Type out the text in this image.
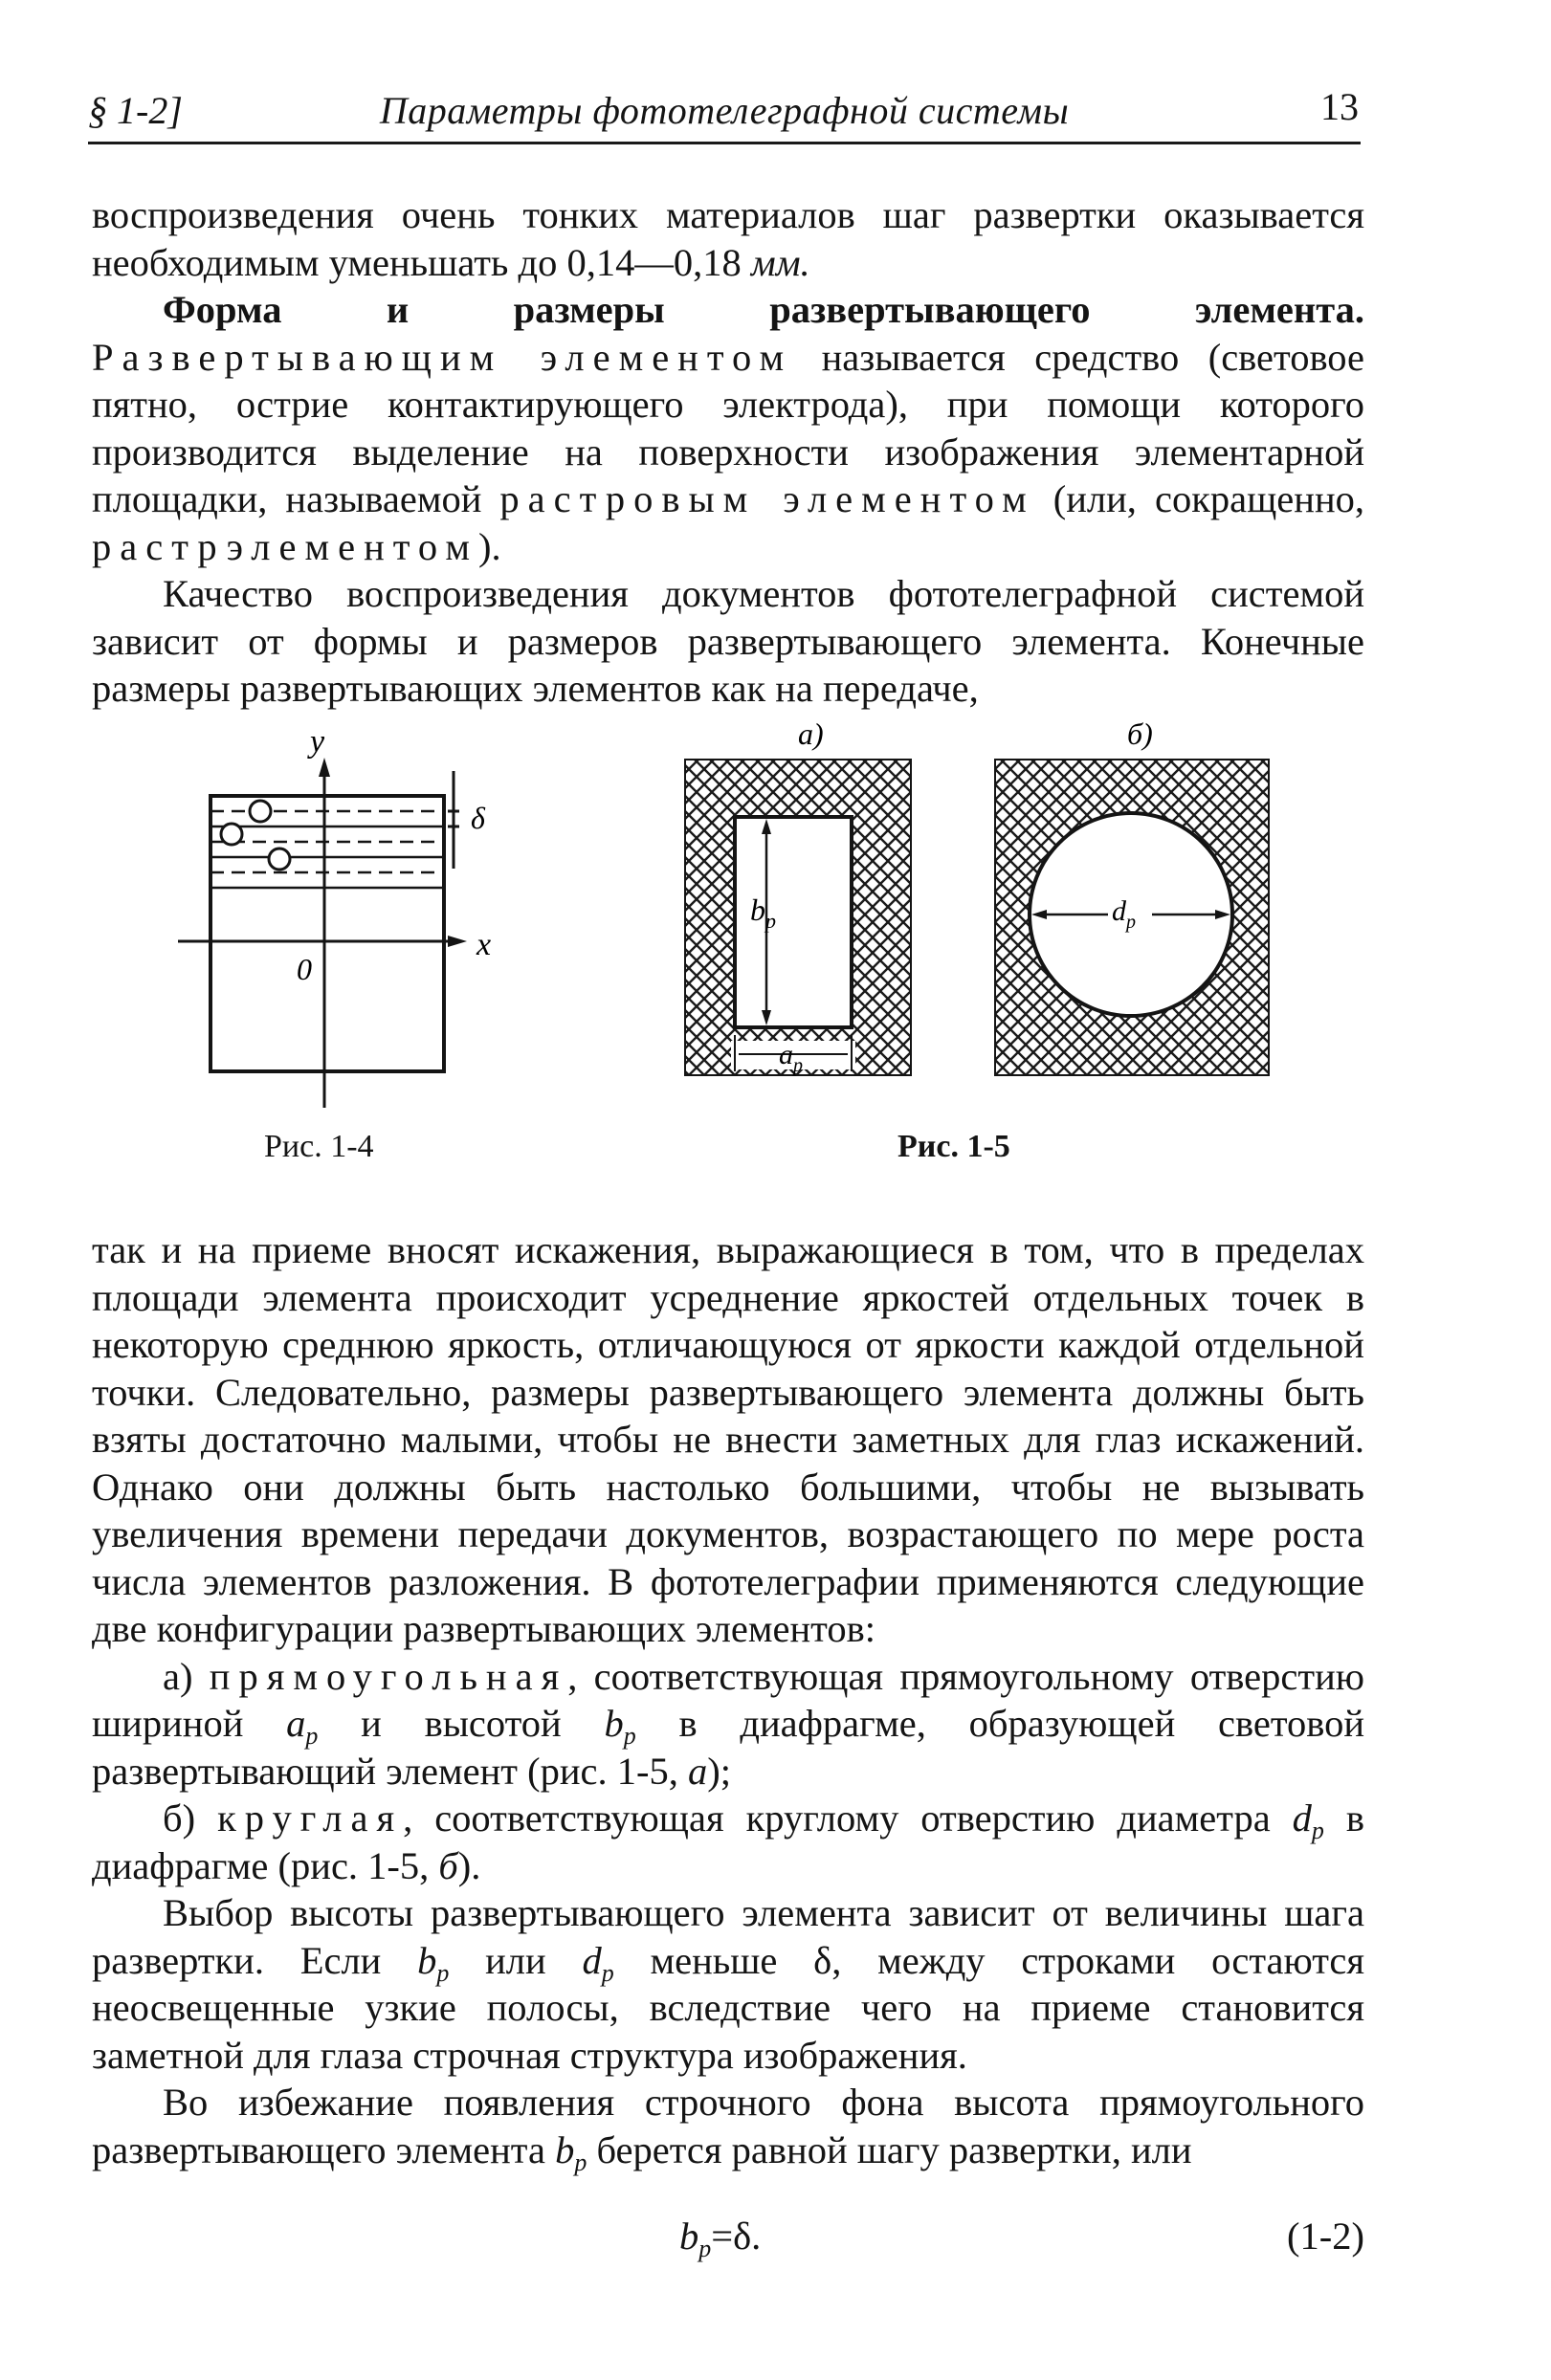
§ 1-2]	Параметры фототелеграфной системы	13

воспроизведения очень тонких материалов шаг развертки оказывается необходимым уменьшать до 0,14—0,18 мм.

Форма и размеры развертывающего элемента. Развертывающим элементом называется средство (световое пятно, острие контактирующего электрода), при помощи которого производится выделение на поверхности изображения элементарной площадки, называемой растровым элементом (или, сокращенно, растрэлементом).

Качество воспроизведения документов фототелеграфной системой зависит от формы и размеров развертывающего элемента. Конечные размеры развертывающих элементов как на передаче,

y
x
0
δ
а)
$b_p$
$a_p$
б)
$d_p$
Рис. 1-4	Рис. 1-5

так и на приеме вносят искажения, выражающиеся в том, что в пределах площади элемента происходит усреднение яркостей отдельных точек в некоторую среднюю яркость, отличающуюся от яркости каждой отдельной точки. Следовательно, размеры развертывающего элемента должны быть взяты достаточно малыми, чтобы не внести заметных для глаз искажений. Однако они должны быть настолько большими, чтобы не вызывать увеличения времени передачи документов, возрастающего по мере роста числа элементов разложения. В фототелеграфии применяются следующие две конфигурации развертывающих элементов:

а) прямоугольная, соответствующая прямоугольному отверстию шириной $a_p$ и высотой $b_p$ в диафрагме, образующей световой развертывающий элемент (рис. 1-5, а);

б) круглая, соответствующая круглому отверстию диаметра $d_p$ в диафрагме (рис. 1-5, б).

Выбор высоты развертывающего элемента зависит от величины шага развертки. Если $b_p$ или $d_p$ меньше δ, между строками остаются неосвещенные узкие полосы, вследствие чего на приеме становится заметной для глаза строчная структура изображения.

Во избежание появления строчного фона высота прямоугольного развертывающего элемента $b_p$ берется равной шагу развертки, или

$b_p=\delta$.	(1-2)
